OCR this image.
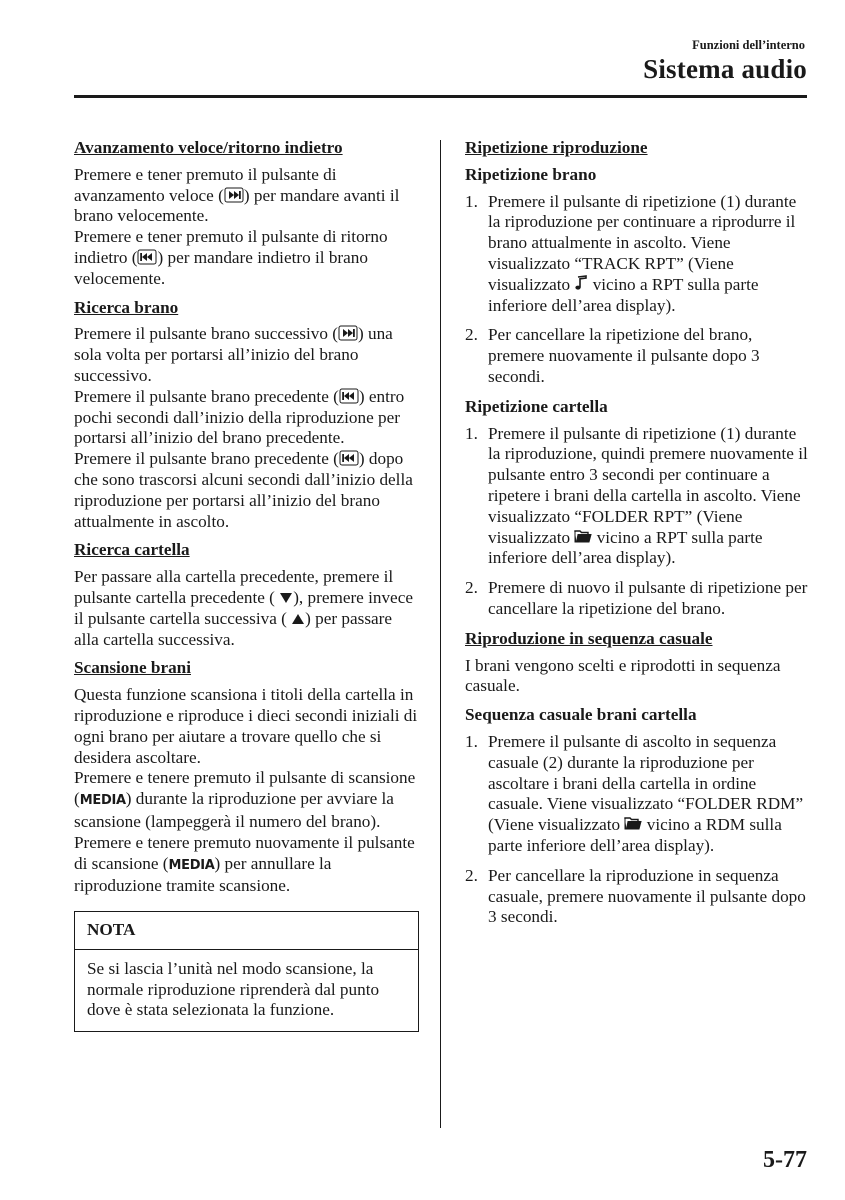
Funzioni dell’interno
Sistema audio
Avanzamento veloce/ritorno indietro
Premere e tener premuto il pulsante di avanzamento veloce ( ) per mandare avanti il brano velocemente.
Premere e tener premuto il pulsante di ritorno indietro ( ) per mandare indietro il brano velocemente.
Ricerca brano
Premere il pulsante brano successivo ( ) una sola volta per portarsi all’inizio del brano successivo.
Premere il pulsante brano precedente ( ) entro pochi secondi dall’inizio della riproduzione per portarsi all’inizio del brano precedente.
Premere il pulsante brano precedente ( ) dopo che sono trascorsi alcuni secondi dall’inizio della riproduzione per portarsi all’inizio del brano attualmente in ascolto.
Ricerca cartella
Per passare alla cartella precedente, premere il pulsante cartella precedente ( ), premere invece il pulsante cartella successiva ( ) per passare alla cartella successiva.
Scansione brani
Questa funzione scansiona i titoli della cartella in riproduzione e riproduce i dieci secondi iniziali di ogni brano per aiutare a trovare quello che si desidera ascoltare.
Premere e tenere premuto il pulsante di scansione (MEDIA) durante la riproduzione per avviare la scansione (lampeggerà il numero del brano). Premere e tenere premuto nuovamente il pulsante di scansione (MEDIA) per annullare la riproduzione tramite scansione.
NOTA
Se si lascia l’unità nel modo scansione, la normale riproduzione riprenderà dal punto dove è stata selezionata la funzione.
Ripetizione riproduzione
Ripetizione brano
1. Premere il pulsante di ripetizione (1) durante la riproduzione per continuare a riprodurre il brano attualmente in ascolto. Viene visualizzato “TRACK RPT” (Viene visualizzato  vicino a RPT sulla parte inferiore dell’area display).
2. Per cancellare la ripetizione del brano, premere nuovamente il pulsante dopo 3 secondi.
Ripetizione cartella
1. Premere il pulsante di ripetizione (1) durante la riproduzione, quindi premere nuovamente il pulsante entro 3 secondi per continuare a ripetere i brani della cartella in ascolto. Viene visualizzato “FOLDER RPT” (Viene visualizzato  vicino a RPT sulla parte inferiore dell’area display).
2. Premere di nuovo il pulsante di ripetizione per cancellare la ripetizione del brano.
Riproduzione in sequenza casuale
I brani vengono scelti e riprodotti in sequenza casuale.
Sequenza casuale brani cartella
1. Premere il pulsante di ascolto in sequenza casuale (2) durante la riproduzione per ascoltare i brani della cartella in ordine casuale. Viene visualizzato “FOLDER RDM” (Viene visualizzato  vicino a RDM sulla parte inferiore dell’area display).
2. Per cancellare la riproduzione in sequenza casuale, premere nuovamente il pulsante dopo 3 secondi.
5-77
